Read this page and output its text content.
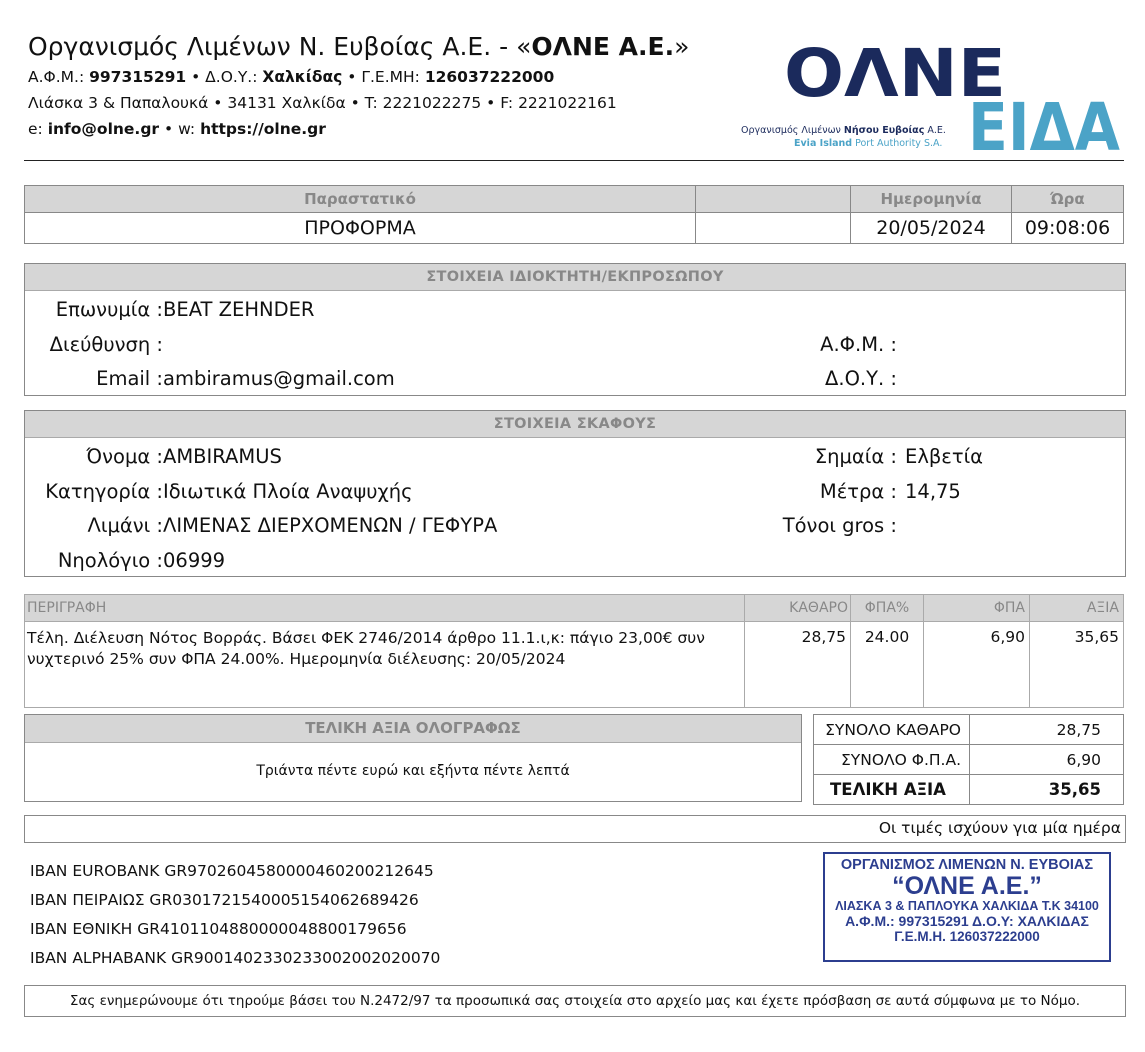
Οργανισμός Λιμένων Ν. Ευβοίας Α.Ε. - «ΟΛΝΕ Α.Ε.»
Α.Φ.Μ.: 997315291 • Δ.Ο.Υ.: Χαλκίδας • Γ.Ε.ΜΗ: 126037222000
Λιάσκα 3 & Παπαλουκά • 34131 Χαλκίδα • T: 2221022275 • F: 2221022161
e: info@olne.gr • w: https://olne.gr
ΟΛΝΕ
ΕΙΔΑ
Οργανισμός Λιμένων Νήσου Ευβοίας Α.Ε.
Evia Island Port Authority S.A.
Παραστατικό		Ημερομηνία	Ώρα
ΠΡΟΦΟΡΜΑ		20/05/2024	09:08:06
ΣΤΟΙΧΕΙΑ ΙΔΙΟΚΤΗΤΗ/ΕΚΠΡΟΣΩΠΟΥ
Επωνυμία : BEAT ZEHNDER
Διεύθυνση :	Α.Φ.Μ. :
Email : ambiramus@gmail.com	Δ.Ο.Υ. :
ΣΤΟΙΧΕΙΑ ΣΚΑΦΟΥΣ
Όνομα : AMBIRAMUS	Σημαία : Ελβετία
Κατηγορία : Ιδιωτικά Πλοία Αναψυχής	Μέτρα : 14,75
Λιμάνι : ΛΙΜΕΝΑΣ ΔΙΕΡΧΟΜΕΝΩΝ / ΓΕΦΥΡΑ	Τόνοι gros :
Νηολόγιο : 06999
ΠΕΡΙΓΡΑΦΗ	ΚΑΘΑΡΟ	ΦΠΑ%	ΦΠΑ	ΑΞΙΑ
Τέλη. Διέλευση Νότος Βορράς. Βάσει ΦΕΚ 2746/2014 άρθρο 11.1.ι,κ: πάγιο 23,00€ συν νυχτερινό 25% συν ΦΠΑ 24.00%. Ημερομηνία διέλευσης: 20/05/2024	28,75	24.00	6,90	35,65
ΤΕΛΙΚΗ ΑΞΙΑ ΟΛΟΓΡΑΦΩΣ
Τριάντα πέντε ευρώ και εξήντα πέντε λεπτά
ΣΥΝΟΛΟ ΚΑΘΑΡΟ	28,75
ΣΥΝΟΛΟ Φ.Π.Α.	6,90
ΤΕΛΙΚΗ ΑΞΙΑ	35,65
Οι τιμές ισχύουν για μία ημέρα
IBAN EUROBANK GR9702604580000460200212645
IBAN ΠΕΙΡΑΙΩΣ GR0301721540005154062689426
IBAN ΕΘΝΙΚΗ GR4101104880000048800179656
IBAN ALPHABANK GR9001402330233002002020070
ΟΡΓΑΝΙΣΜΟΣ ΛΙΜΕΝΩΝ Ν. ΕΥΒΟΙΑΣ
“ΟΛΝΕ Α.Ε.”
ΛΙΑΣΚΑ 3 & ΠΑΠΛΟΥΚΑ ΧΑΛΚΙΔΑ Τ.Κ 34100
Α.Φ.Μ.: 997315291 Δ.Ο.Υ: ΧΑΛΚΙΔΑΣ
Γ.Ε.Μ.Η. 126037222000
Σας ενημερώνουμε ότι τηρούμε βάσει του Ν.2472/97 τα προσωπικά σας στοιχεία στο αρχείο μας και έχετε πρόσβαση σε αυτά σύμφωνα με το Νόμο.
